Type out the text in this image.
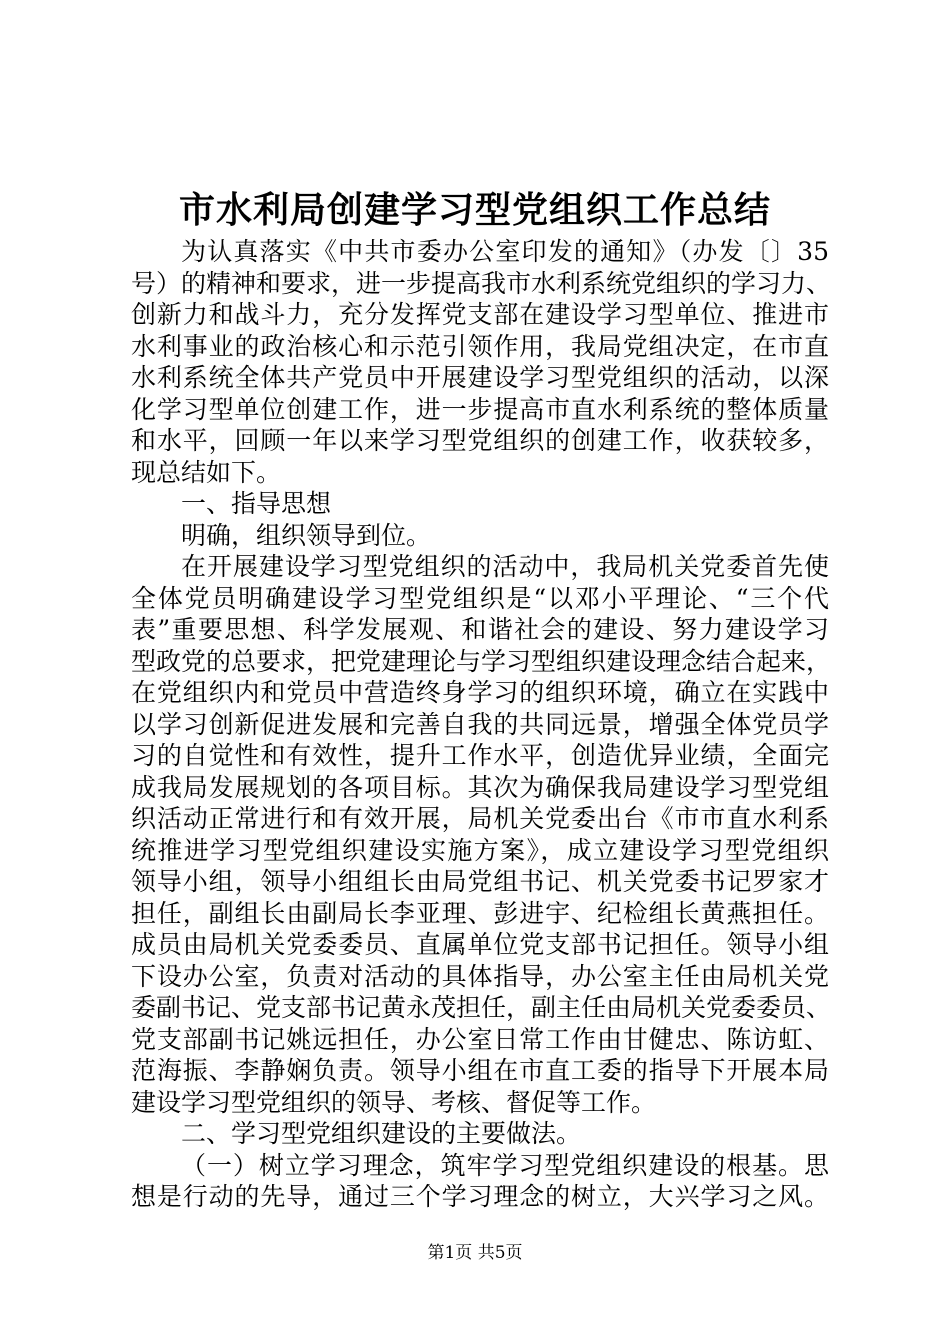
市水利局创建学习型党组织工作总结
为认真落实《中共市委办公室印发的通知》（办发〔〕35
号）的精神和要求，进一步提高我市水利系统党组织的学习力、
创新力和战斗力，充分发挥党支部在建设学习型单位、推进市
水利事业的政治核心和示范引领作用，我局党组决定，在市直
水利系统全体共产党员中开展建设学习型党组织的活动，以深
化学习型单位创建工作，进一步提高市直水利系统的整体质量
和水平，回顾一年以来学习型党组织的创建工作，收获较多，
现总结如下。
一、指导思想
明确，组织领导到位。
在开展建设学习型党组织的活动中，我局机关党委首先使
全体党员明确建设学习型党组织是“以邓小平理论、“三个代
表”重要思想、科学发展观、和谐社会的建设、努力建设学习
型政党的总要求，把党建理论与学习型组织建设理念结合起来，
在党组织内和党员中营造终身学习的组织环境，确立在实践中
以学习创新促进发展和完善自我的共同远景，增强全体党员学
习的自觉性和有效性，提升工作水平，创造优异业绩，全面完
成我局发展规划的各项目标。其次为确保我局建设学习型党组
织活动正常进行和有效开展，局机关党委出台《市市直水利系
统推进学习型党组织建设实施方案》，成立建设学习型党组织
领导小组，领导小组组长由局党组书记、机关党委书记罗家才
担任，副组长由副局长李亚理、彭进宇、纪检组长黄燕担任。
成员由局机关党委委员、直属单位党支部书记担任。领导小组
下设办公室，负责对活动的具体指导，办公室主任由局机关党
委副书记、党支部书记黄永茂担任，副主任由局机关党委委员、
党支部副书记姚远担任，办公室日常工作由甘健忠、陈访虹、
范海振、李静娴负责。领导小组在市直工委的指导下开展本局
建设学习型党组织的领导、考核、督促等工作。
二、学习型党组织建设的主要做法。
（一）树立学习理念，筑牢学习型党组织建设的根基。思
想是行动的先导，通过三个学习理念的树立，大兴学习之风。
第1页 共5页
